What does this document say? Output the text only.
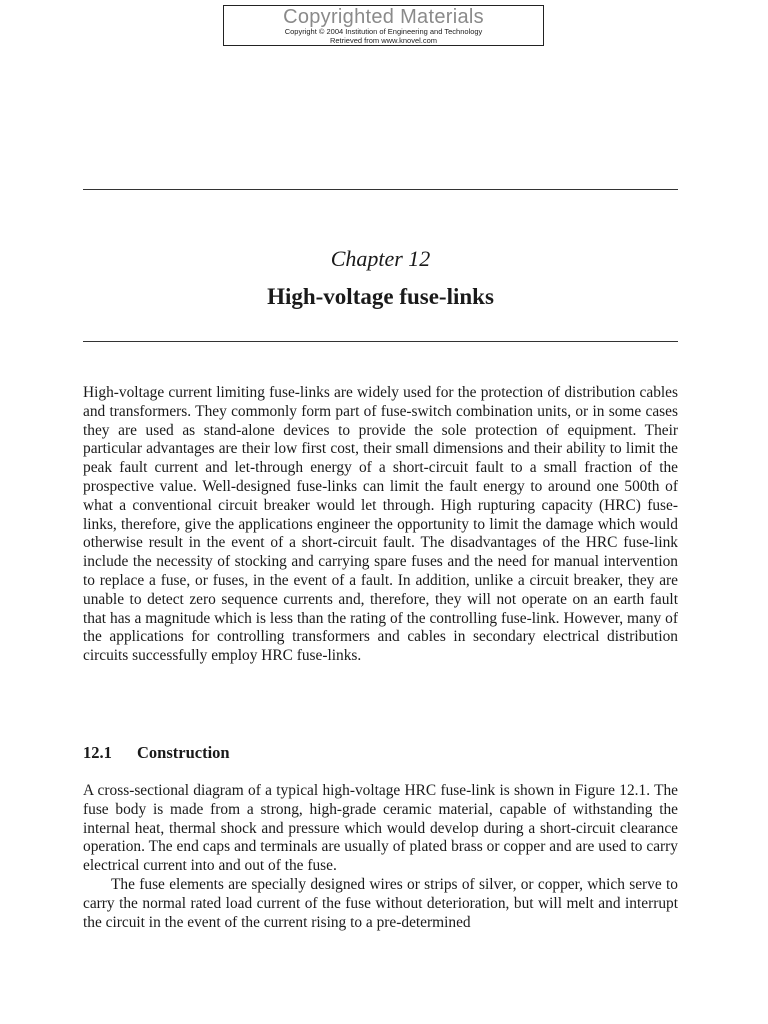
Copyrighted Materials
Copyright © 2004 Institution of Engineering and Technology
Retrieved from www.knovel.com
Chapter 12
High-voltage fuse-links
High-voltage current limiting fuse-links are widely used for the protection of distribution cables and transformers. They commonly form part of fuse-switch combination units, or in some cases they are used as stand-alone devices to provide the sole protection of equipment. Their particular advantages are their low first cost, their small dimensions and their ability to limit the peak fault current and let-through energy of a short-circuit fault to a small fraction of the prospective value. Well-designed fuse-links can limit the fault energy to around one 500th of what a conventional circuit breaker would let through. High rupturing capacity (HRC) fuse-links, therefore, give the applications engineer the opportunity to limit the damage which would otherwise result in the event of a short-circuit fault. The disadvantages of the HRC fuse-link include the necessity of stocking and carrying spare fuses and the need for manual intervention to replace a fuse, or fuses, in the event of a fault. In addition, unlike a circuit breaker, they are unable to detect zero sequence currents and, therefore, they will not operate on an earth fault that has a magnitude which is less than the rating of the controlling fuse-link. However, many of the applications for controlling transformers and cables in secondary electrical distribution circuits successfully employ HRC fuse-links.
12.1 Construction

A cross-sectional diagram of a typical high-voltage HRC fuse-link is shown in Figure 12.1. The fuse body is made from a strong, high-grade ceramic material, capable of withstanding the internal heat, thermal shock and pressure which would develop during a short-circuit clearance operation. The end caps and terminals are usually of plated brass or copper and are used to carry electrical current into and out of the fuse.

The fuse elements are specially designed wires or strips of silver, or copper, which serve to carry the normal rated load current of the fuse without deterioration, but will melt and interrupt the circuit in the event of the current rising to a pre-determined
